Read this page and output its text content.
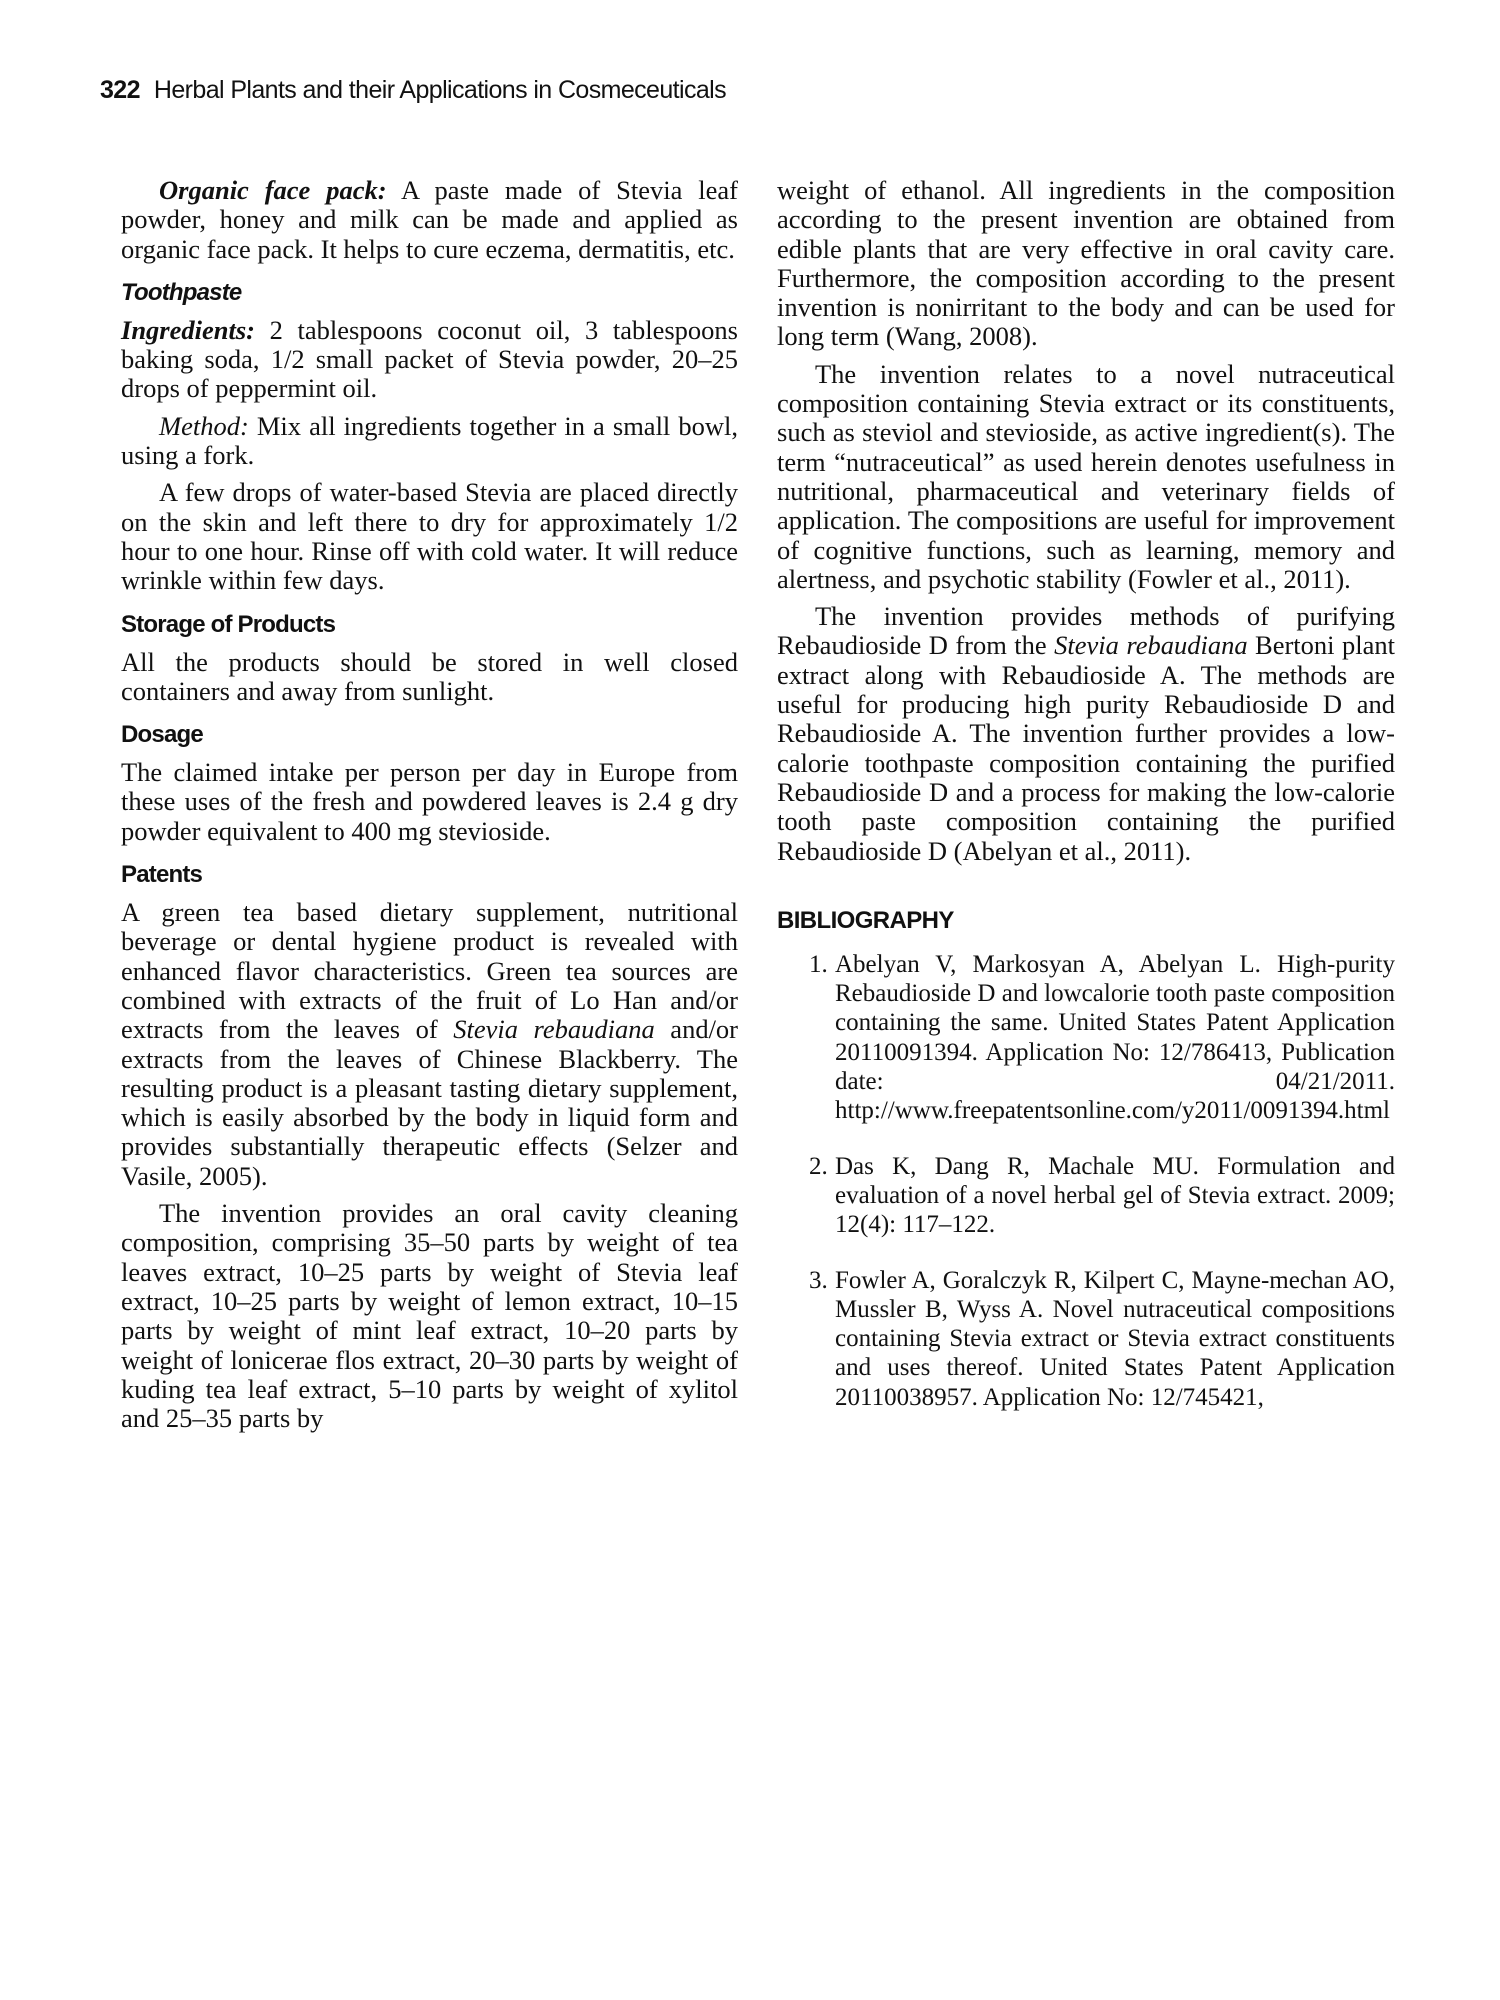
322 Herbal Plants and their Applications in Cosmeceuticals

Organic face pack: A paste made of Stevia leaf powder, honey and milk can be made and applied as organic face pack. It helps to cure eczema, dermatitis, etc.

Toothpaste

Ingredients: 2 tablespoons coconut oil, 3 tablespoons baking soda, 1/2 small packet of Stevia powder, 20–25 drops of peppermint oil.

Method: Mix all ingredients together in a small bowl, using a fork.

A few drops of water-based Stevia are placed directly on the skin and left there to dry for approximately 1/2 hour to one hour. Rinse off with cold water. It will reduce wrinkle within few days.

Storage of Products

All the products should be stored in well closed containers and away from sunlight.

Dosage

The claimed intake per person per day in Europe from these uses of the fresh and powdered leaves is 2.4 g dry powder equivalent to 400 mg stevioside.

Patents

A green tea based dietary supplement, nutritional beverage or dental hygiene product is revealed with enhanced flavor characteristics. Green tea sources are combined with extracts of the fruit of Lo Han and/or extracts from the leaves of Stevia rebaudiana and/or extracts from the leaves of Chinese Blackberry. The resulting product is a pleasant tasting dietary supplement, which is easily absorbed by the body in liquid form and provides substantially therapeutic effects (Selzer and Vasile, 2005).

The invention provides an oral cavity cleaning composition, comprising 35–50 parts by weight of tea leaves extract, 10–25 parts by weight of Stevia leaf extract, 10–25 parts by weight of lemon extract, 10–15 parts by weight of mint leaf extract, 10–20 parts by weight of lonicerae flos extract, 20–30 parts by weight of kuding tea leaf extract, 5–10 parts by weight of xylitol and 25–35 parts by

weight of ethanol. All ingredients in the composition according to the present invention are obtained from edible plants that are very effective in oral cavity care. Furthermore, the composition according to the present invention is nonirritant to the body and can be used for long term (Wang, 2008).

The invention relates to a novel nutraceutical composition containing Stevia extract or its constituents, such as steviol and stevioside, as active ingredient(s). The term “nutraceutical” as used herein denotes usefulness in nutritional, pharmaceutical and veterinary fields of application. The compositions are useful for improvement of cognitive functions, such as learning, memory and alertness, and psychotic stability (Fowler et al., 2011).

The invention provides methods of purifying Rebaudioside D from the Stevia rebaudiana Bertoni plant extract along with Rebaudioside A. The methods are useful for producing high purity Rebaudioside D and Rebaudioside A. The invention further provides a low-calorie toothpaste composition containing the purified Rebaudioside D and a process for making the low-calorie tooth paste composition containing the purified Rebaudioside D (Abelyan et al., 2011).

BIBLIOGRAPHY
1. Abelyan V, Markosyan A, Abelyan L. High-purity Rebaudioside D and lowcalorie tooth paste composition containing the same. United States Patent Application 20110091394. Application No: 12/786413, Publication date: 04/21/2011. http://www.freepatentsonline.com/y2011/0091394.html
2. Das K, Dang R, Machale MU. Formulation and evaluation of a novel herbal gel of Stevia extract. 2009; 12(4): 117–122.
3. Fowler A, Goralczyk R, Kilpert C, Mayne-mechan AO, Mussler B, Wyss A. Novel nutraceutical compositions containing Stevia extract or Stevia extract constituents and uses thereof. United States Patent Application 20110038957. Application No: 12/745421,
